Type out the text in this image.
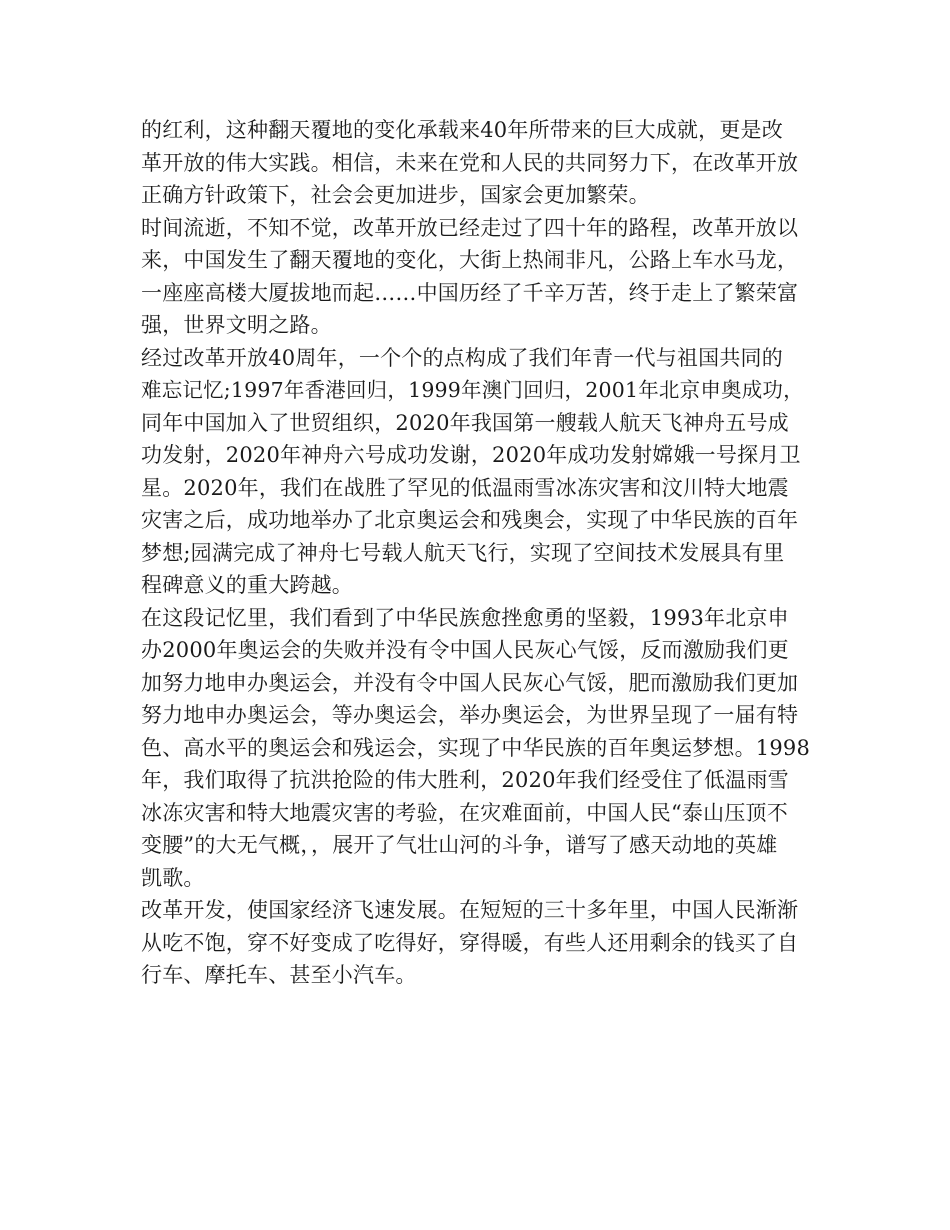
的红利，这种翻天覆地的变化承载来40年所带来的巨大成就，更是改
革开放的伟大实践。相信，未来在党和人民的共同努力下，在改革开放
正确方针政策下，社会会更加进步，国家会更加繁荣。
时间流逝，不知不觉，改革开放已经走过了四十年的路程，改革开放以
来，中国发生了翻天覆地的变化，大街上热闹非凡，公路上车水马龙，
一座座高楼大厦拔地而起……中国历经了千辛万苦，终于走上了繁荣富
强，世界文明之路。
经过改革开放40周年，一个个的点构成了我们年青一代与祖国共同的
难忘记忆;1997年香港回归，1999年澳门回归，2001年北京申奥成功，
同年中国加入了世贸组织，2020年我国第一艘载人航天飞神舟五号成
功发射，2020年神舟六号成功发谢，2020年成功发射嫦娥一号探月卫
星。2020年，我们在战胜了罕见的低温雨雪冰冻灾害和汶川特大地震
灾害之后，成功地举办了北京奥运会和残奥会，实现了中华民族的百年
梦想;园满完成了神舟七号载人航天飞行，实现了空间技术发展具有里
程碑意义的重大跨越。
在这段记忆里，我们看到了中华民族愈挫愈勇的坚毅，1993年北京申
办2000年奥运会的失败并没有令中国人民灰心气馁，反而激励我们更
加努力地申办奥运会，并没有令中国人民灰心气馁，肥而激励我们更加
努力地申办奥运会，等办奥运会，举办奥运会，为世界呈现了一届有特
色、高水平的奥运会和残运会，实现了中华民族的百年奥运梦想。1998
年，我们取得了抗洪抢险的伟大胜利，2020年我们经受住了低温雨雪
冰冻灾害和特大地震灾害的考验，在灾难面前，中国人民“泰山压顶不
变腰”的大无气概，，展开了气壮山河的斗争，谱写了感天动地的英雄
凯歌。
改革开发，使国家经济飞速发展。在短短的三十多年里，中国人民渐渐
从吃不饱，穿不好变成了吃得好，穿得暖，有些人还用剩余的钱买了自
行车、摩托车、甚至小汽车。
